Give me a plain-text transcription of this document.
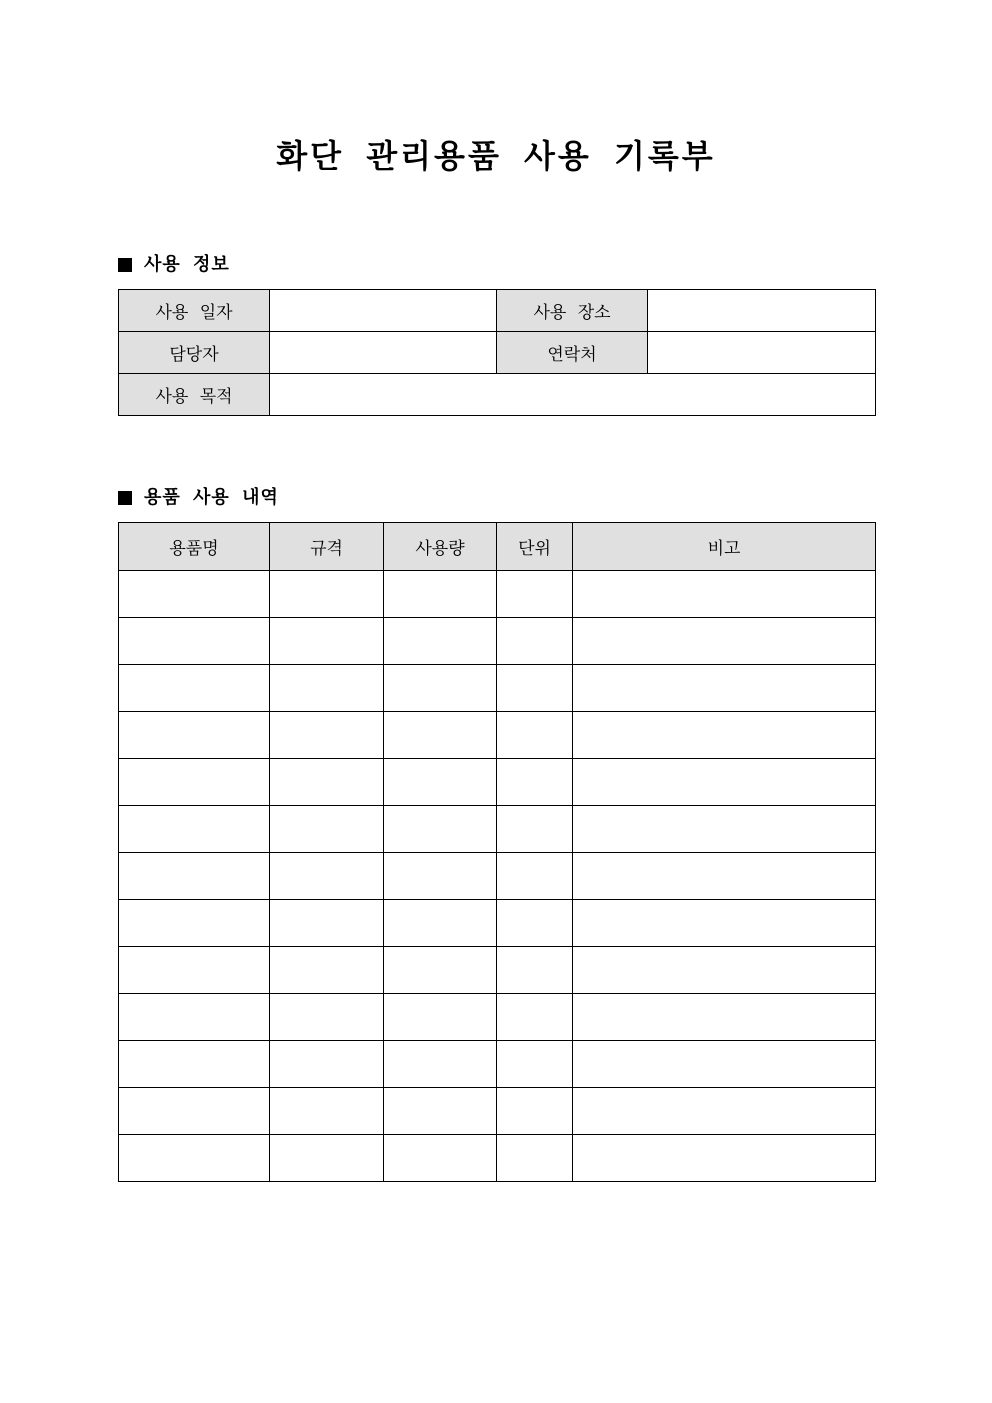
화단 관리용품 사용 기록부
사용 정보
사용 일자		사용 장소	
담당자		연락처	
사용 목적			
용품 사용 내역
용품명	규격	사용량	단위	비고
